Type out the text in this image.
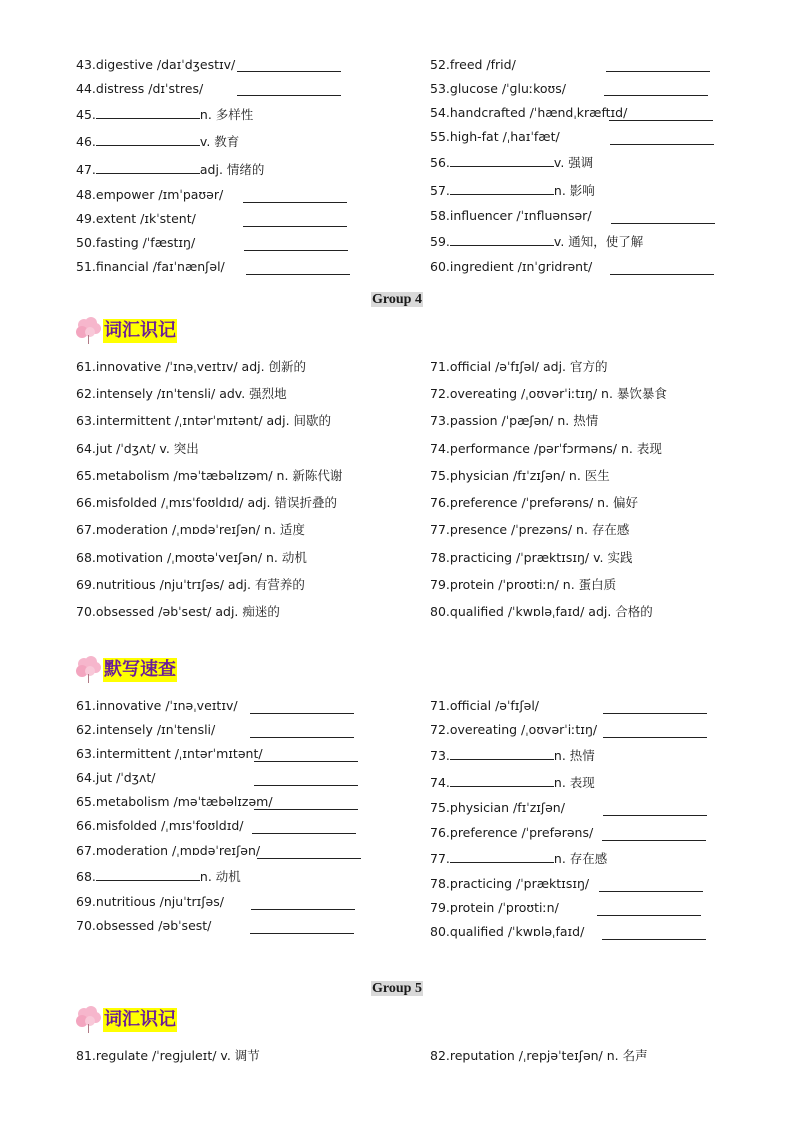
43.digestive /daɪˈdʒestɪv/
44.distress /dɪˈstres/
45.	n. 多样性
46.	v. 教育
47.	adj. 情绪的
48.empower /ɪmˈpaʊər/
49.extent /ɪkˈstent/
50.fasting /ˈfæstɪŋ/
51.financial /faɪˈnænʃəl/
52.freed /frid/
53.glucose /ˈɡluːkoʊs/
54.handcrafted /ˈhændˌkræftɪd/
55.high-fat /ˌhaɪˈfæt/
56.	v. 强调
57.	n. 影响
58.influencer /ˈɪnfluənsər/
59.	v. 通知，使了解
60.ingredient /ɪnˈɡridrənt/
Group 4
词汇识记
61.innovative /ˈɪnəˌveɪtɪv/ adj. 创新的
62.intensely /ɪnˈtensli/ adv. 强烈地
63.intermittent /ˌɪntərˈmɪtənt/ adj. 间歇的
64.jut /ˈdʒʌt/ v. 突出
65.metabolism /məˈtæbəlɪzəm/ n. 新陈代谢
66.misfolded /ˌmɪsˈfoʊldɪd/ adj. 错误折叠的
67.moderation /ˌmɒdəˈreɪʃən/ n. 适度
68.motivation /ˌmoʊtəˈveɪʃən/ n. 动机
69.nutritious /njuˈtrɪʃəs/ adj. 有营养的
70.obsessed /əbˈsest/ adj. 痴迷的
71.official /əˈfɪʃəl/ adj. 官方的
72.overeating /ˌoʊvərˈiːtɪŋ/ n. 暴饮暴食
73.passion /ˈpæʃən/ n. 热情
74.performance /pərˈfɔrməns/ n. 表现
75.physician /fɪˈzɪʃən/ n. 医生
76.preference /ˈprefərəns/ n. 偏好
77.presence /ˈprezəns/ n. 存在感
78.practicing /ˈpræktɪsɪŋ/ v. 实践
79.protein /ˈproʊtiːn/ n. 蛋白质
80.qualified /ˈkwɒləˌfaɪd/ adj. 合格的
默写速查
61.innovative /ˈɪnəˌveɪtɪv/
62.intensely /ɪnˈtensli/
63.intermittent /ˌɪntərˈmɪtənt/
64.jut /ˈdʒʌt/
65.metabolism /məˈtæbəlɪzəm/
66.misfolded /ˌmɪsˈfoʊldɪd/
67.moderation /ˌmɒdəˈreɪʃən/
68.	n. 动机
69.nutritious /njuˈtrɪʃəs/
70.obsessed /əbˈsest/
71.official /əˈfɪʃəl/
72.overeating /ˌoʊvərˈiːtɪŋ/
73.	n. 热情
74.	n. 表现
75.physician /fɪˈzɪʃən/
76.preference /ˈprefərəns/
77.	n. 存在感
78.practicing /ˈpræktɪsɪŋ/
79.protein /ˈproʊtiːn/
80.qualified /ˈkwɒləˌfaɪd/
Group 5
词汇识记
81.regulate /ˈreɡjuleɪt/ v. 调节	82.reputation /ˌrepjəˈteɪʃən/ n. 名声
